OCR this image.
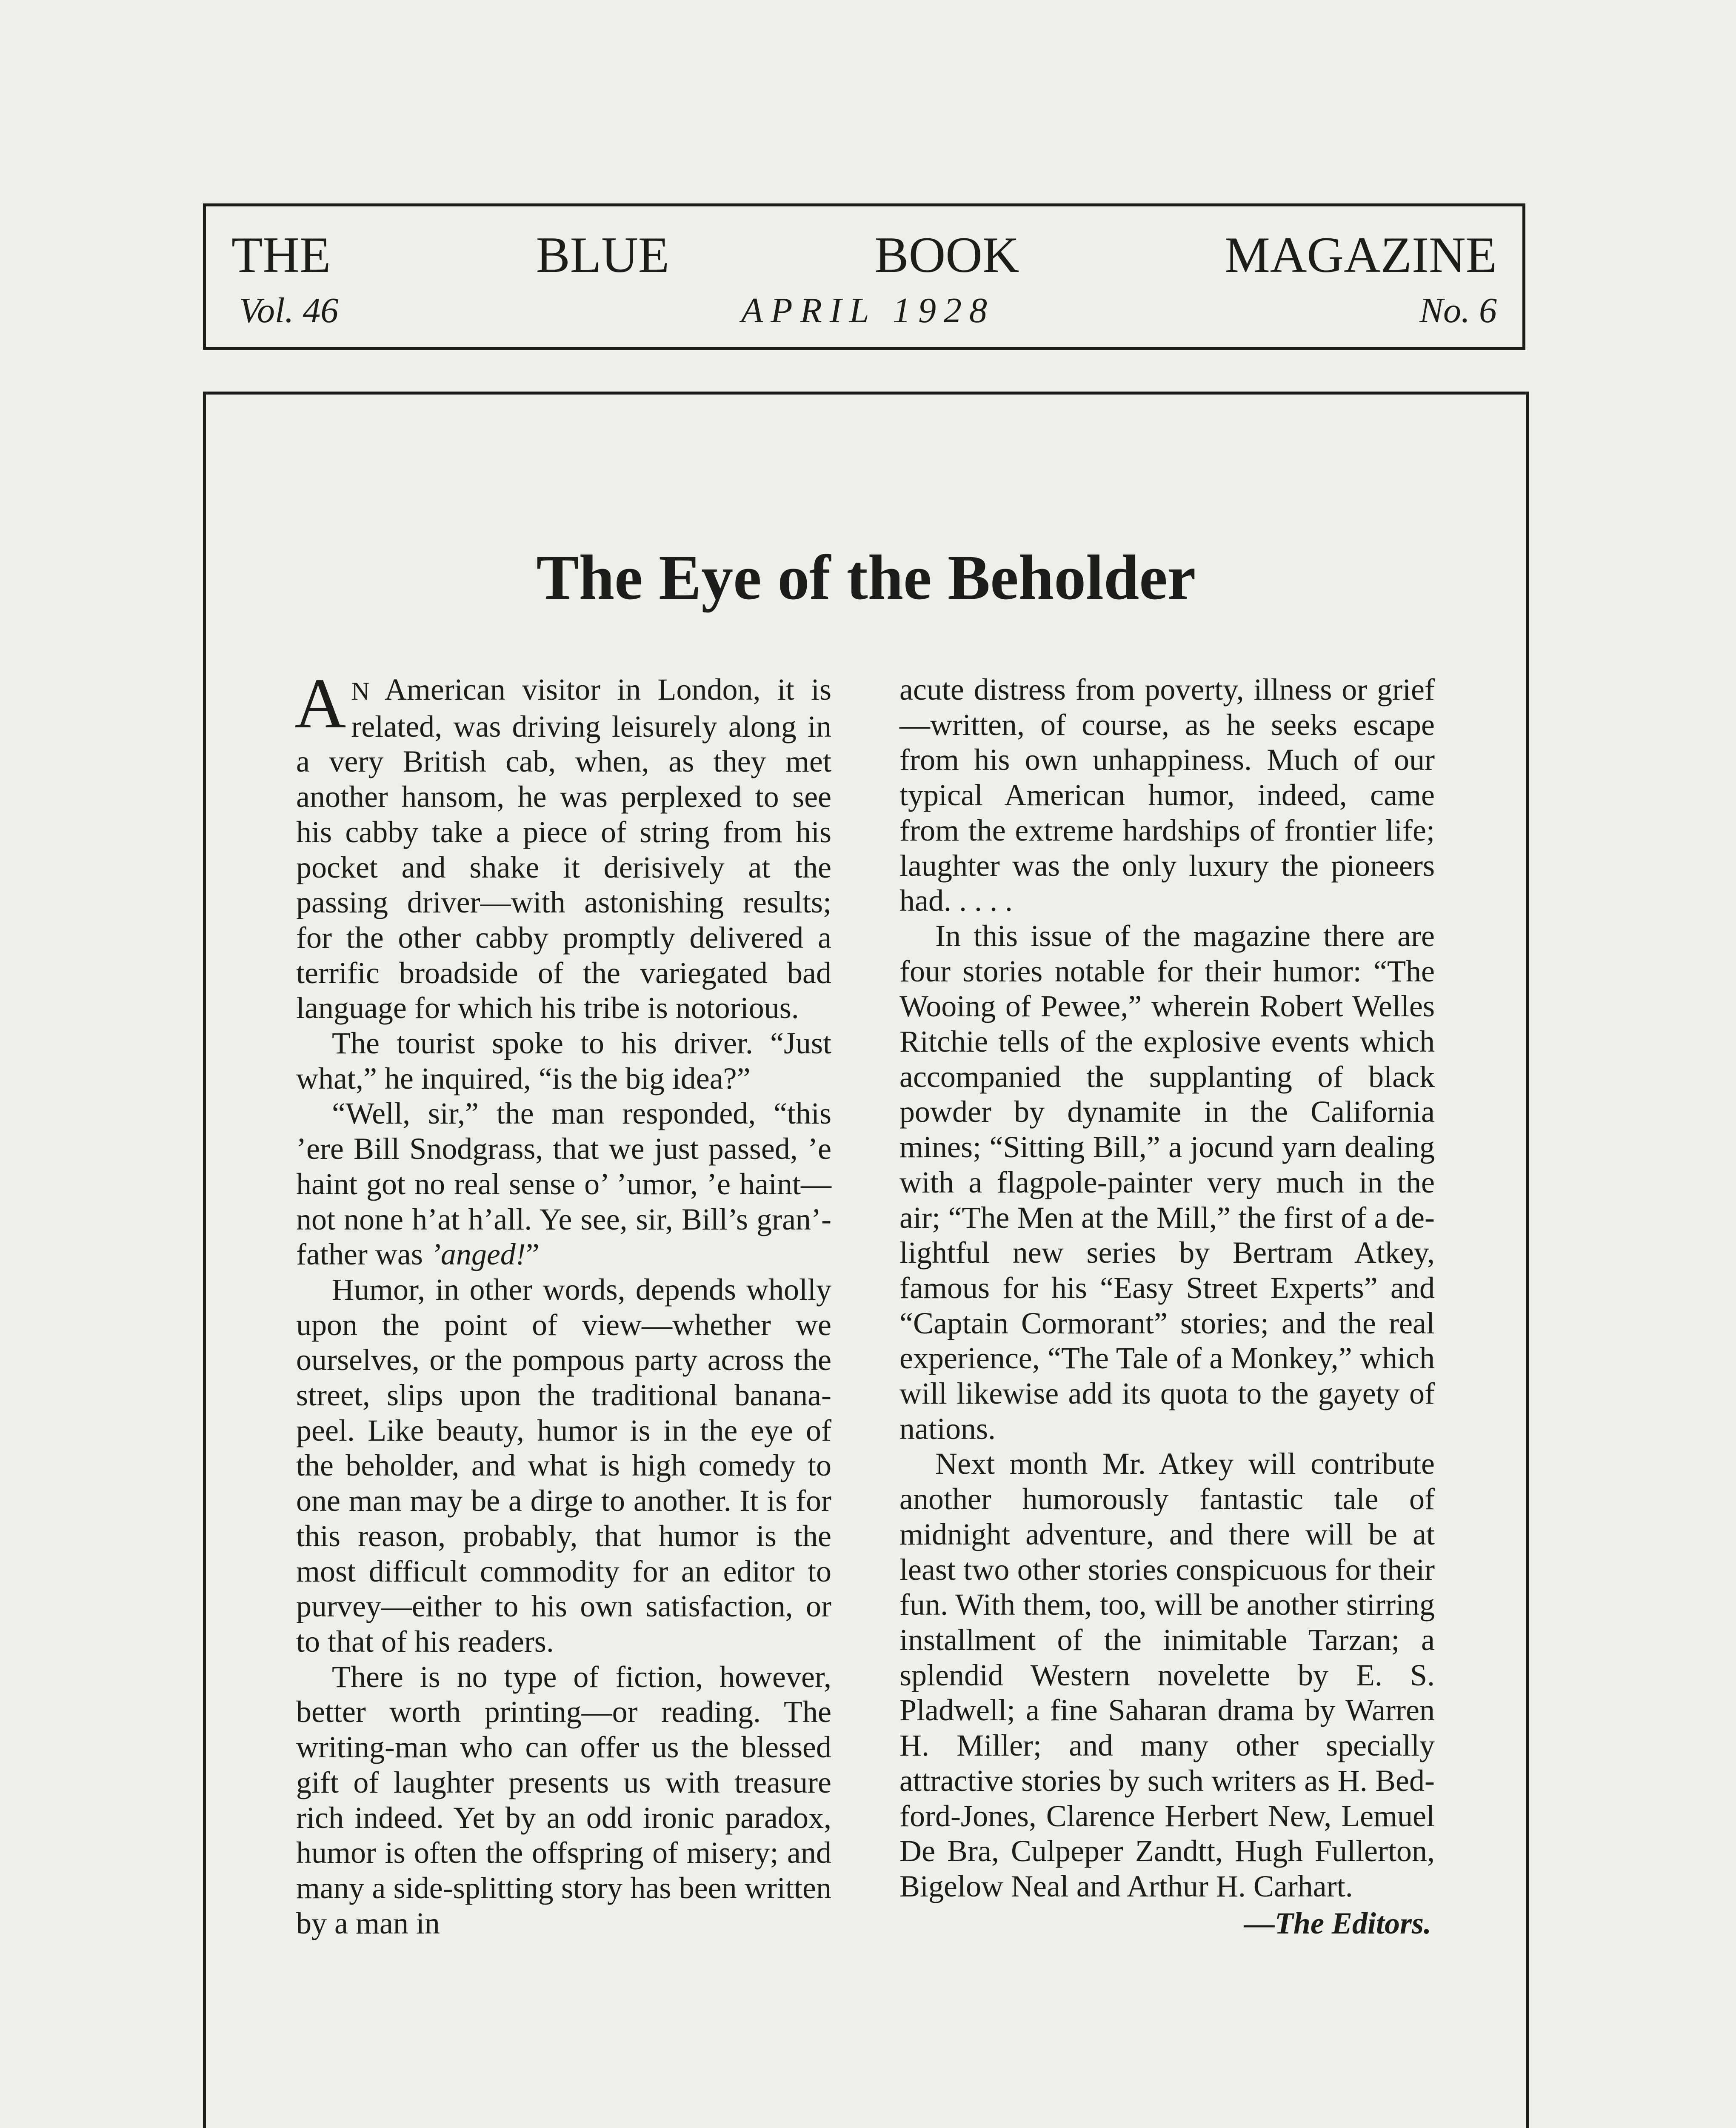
THE	BLUE	BOOK	MAGAZINE
Vol. 46	APRIL 1928	No. 6
The Eye of the Beholder

A N American visitor in London, it is related, was driving leisurely along in a very British cab, when, as they met another hansom, he was perplexed to see his cabby take a piece of string from his pocket and shake it derisively at the passing driver—with astonishing results; for the other cabby promptly delivered a terrific broadside of the variegated bad language for which his tribe is notorious.

The tourist spoke to his driver. “Just what,” he inquired, “is the big idea?”

“Well, sir,” the man responded, “this ’ere Bill Snodgrass, that we just passed, ’e haint got no real sense o’ ’umor, ’e haint—not none h’at h’all. Ye see, sir, Bill’s gran’-father was ’anged!”

Humor, in other words, depends wholly upon the point of view—whether we ourselves, or the pompous party across the street, slips upon the traditional banana-peel. Like beauty, humor is in the eye of the beholder, and what is high comedy to one man may be a dirge to another. It is for this reason, probably, that humor is the most difficult commodity for an editor to purvey—either to his own satisfaction, or to that of his readers.

There is no type of fiction, however, better worth printing—or reading. The writing-man who can offer us the blessed gift of laughter presents us with treasure rich indeed. Yet by an odd ironic paradox, humor is often the offspring of misery; and many a side-splitting story has been written by a man in

acute distress from poverty, illness or grief—written, of course, as he seeks escape from his own unhappiness. Much of our typical American humor, indeed, came from the extreme hardships of frontier life; laughter was the only luxury the pioneers had. . . . .

In this issue of the magazine there are four stories notable for their humor: “The Wooing of Pewee,” wherein Robert Welles Ritchie tells of the explosive events which accompanied the supplanting of black powder by dynamite in the California mines; “Sitting Bill,” a jocund yarn dealing with a flagpole-painter very much in the air; “The Men at the Mill,” the first of a delightful new series by Bertram Atkey, famous for his “Easy Street Experts” and “Captain Cormorant” stories; and the real experience, “The Tale of a Monkey,” which will likewise add its quota to the gayety of nations.

Next month Mr. Atkey will contribute another humorously fantastic tale of midnight adventure, and there will be at least two other stories conspicuous for their fun. With them, too, will be another stirring installment of the inimitable Tarzan; a splendid Western novelette by E. S. Pladwell; a fine Saharan drama by Warren H. Miller; and many other specially attractive stories by such writers as H. Bedford-Jones, Clarence Herbert New, Lemuel De Bra, Culpeper Zandtt, Hugh Fullerton, Bigelow Neal and Arthur H. Carhart.

—The Editors.
